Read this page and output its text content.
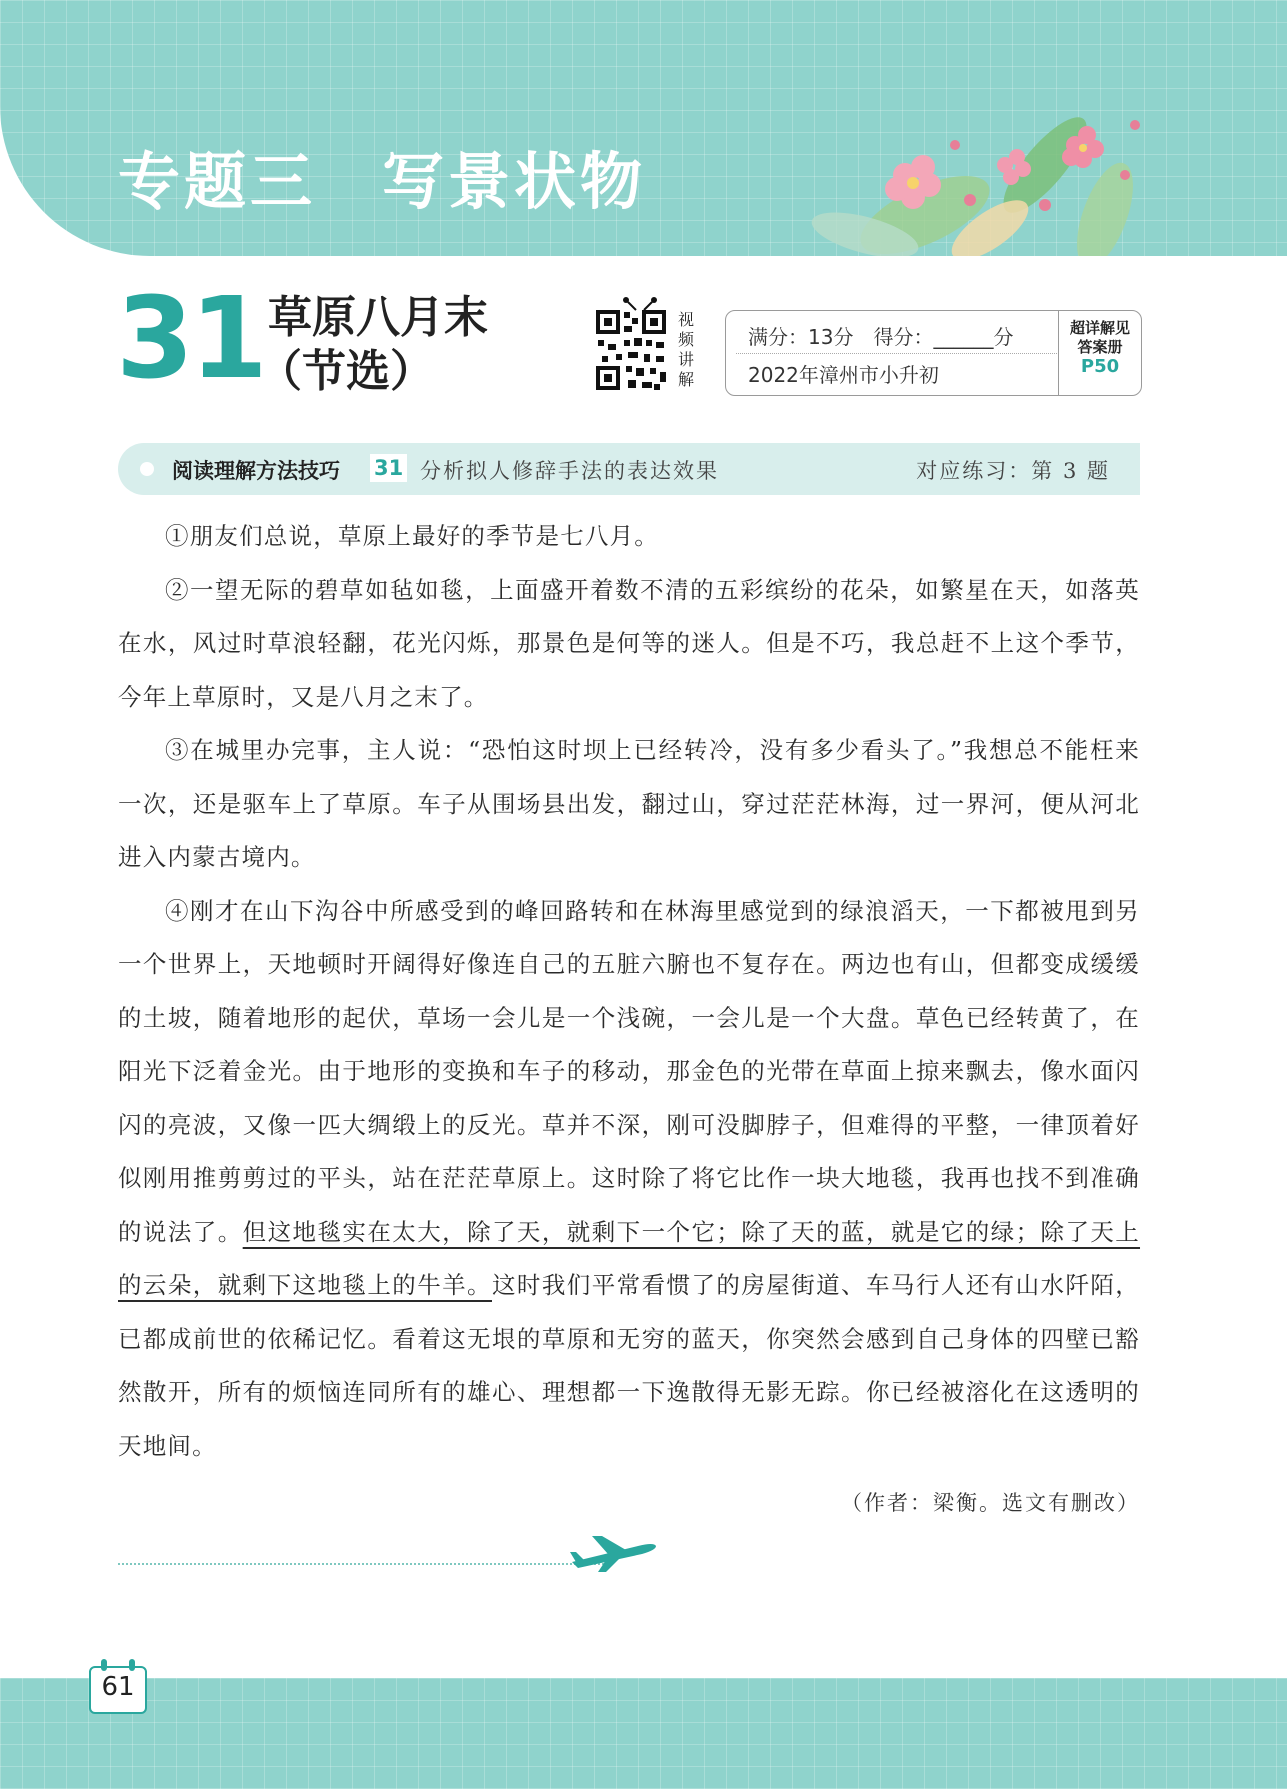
专题三　写景状物
31 草原八月末
（节选）
视频讲解
满分：13分　得分：______分
2022年漳州市小升初
超详解见
答案册
P50
阅读理解方法技巧 31 分析拟人修辞手法的表达效果	对应练习：第 3 题

①朋友们总说，草原上最好的季节是七八月。

②一望无际的碧草如毡如毯，上面盛开着数不清的五彩缤纷的花朵，如繁星在天，如落英在水，风过时草浪轻翻，花光闪烁，那景色是何等的迷人。但是不巧，我总赶不上这个季节，今年上草原时，又是八月之末了。

③在城里办完事，主人说：“恐怕这时坝上已经转冷，没有多少看头了。”我想总不能枉来一次，还是驱车上了草原。车子从围场县出发，翻过山，穿过茫茫林海，过一界河，便从河北进入内蒙古境内。

④刚才在山下沟谷中所感受到的峰回路转和在林海里感觉到的绿浪滔天，一下都被甩到另一个世界上，天地顿时开阔得好像连自己的五脏六腑也不复存在。两边也有山，但都变成缓缓的土坡，随着地形的起伏，草场一会儿是一个浅碗，一会儿是一个大盘。草色已经转黄了，在阳光下泛着金光。由于地形的变换和车子的移动，那金色的光带在草面上掠来飘去，像水面闪闪的亮波，又像一匹大绸缎上的反光。草并不深，刚可没脚脖子，但难得的平整，一律顶着好似刚用推剪剪过的平头，站在茫茫草原上。这时除了将它比作一块大地毯，我再也找不到准确的说法了。但这地毯实在太大，除了天，就剩下一个它；除了天的蓝，就是它的绿；除了天上的云朵，就剩下这地毯上的牛羊。这时我们平常看惯了的房屋街道、车马行人还有山水阡陌，已都成前世的依稀记忆。看着这无垠的草原和无穷的蓝天，你突然会感到自己身体的四壁已豁然散开，所有的烦恼连同所有的雄心、理想都一下逸散得无影无踪。你已经被溶化在这透明的天地间。

（作者：梁衡。选文有删改）

61
